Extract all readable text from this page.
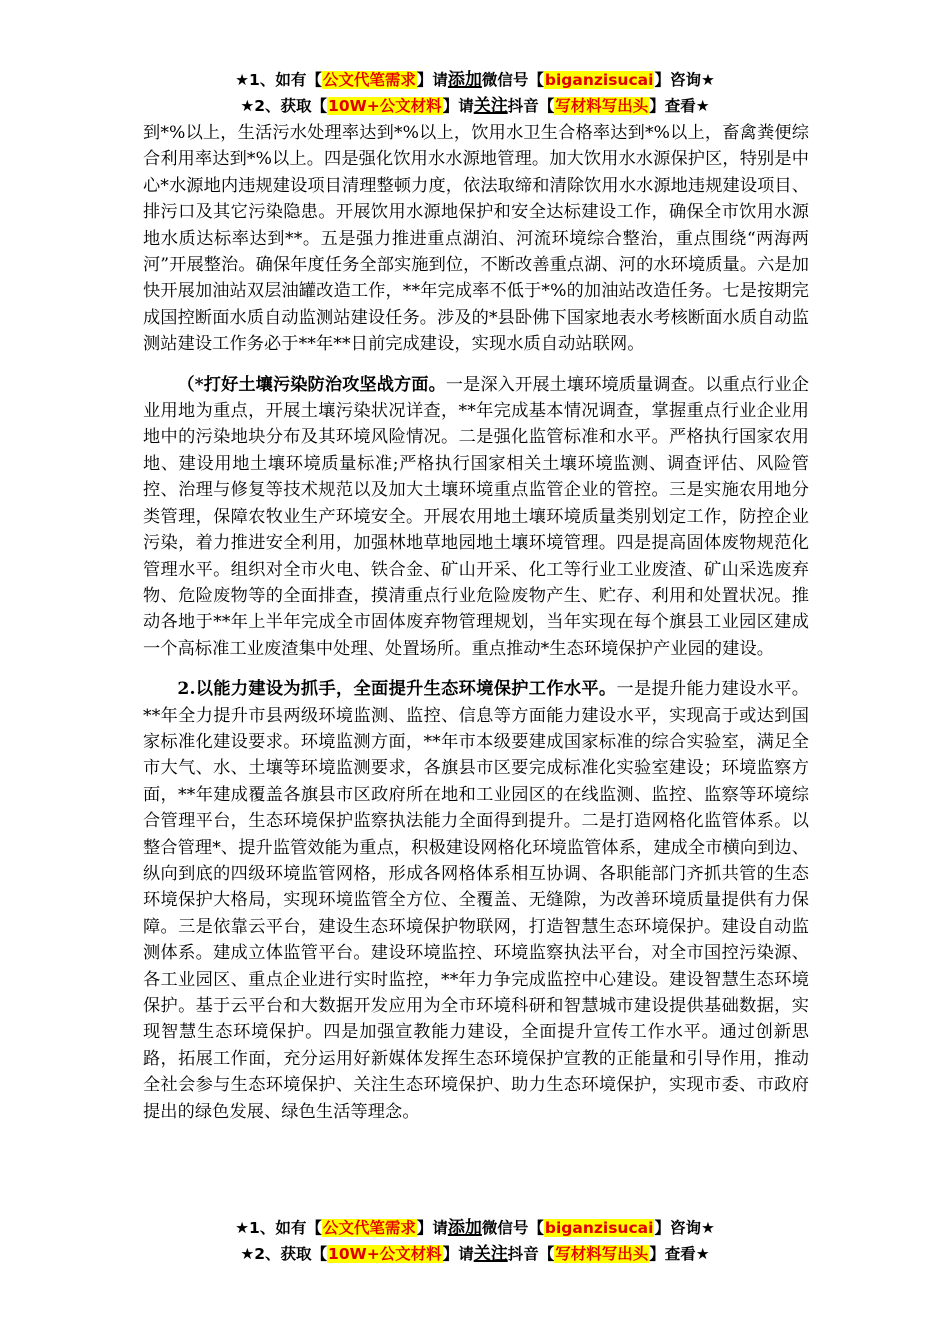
★1、如有【公文代笔需求】请添加微信号【biganzisucai】咨询★
★2、获取【10W+公文材料】请关注抖音【写材料写出头】查看★

到*%以上，生活污水处理率达到*%以上，饮用水卫生合格率达到*%以上，畜禽粪便综合利用率达到*%以上。四是强化饮用水水源地管理。加大饮用水水源保护区，特别是中心*水源地内违规建设项目清理整顿力度，依法取缔和清除饮用水水源地违规建设项目、排污口及其它污染隐患。开展饮用水源地保护和安全达标建设工作，确保全市饮用水源地水质达标率达到**。五是强力推进重点湖泊、河流环境综合整治，重点围绕“两海两河”开展整治。确保年度任务全部实施到位，不断改善重点湖、河的水环境质量。六是加快开展加油站双层油罐改造工作，**年完成率不低于*%的加油站改造任务。七是按期完成国控断面水质自动监测站建设任务。涉及的*县卧佛下国家地表水考核断面水质自动监测站建设工作务必于**年**日前完成建设，实现水质自动站联网。

（*打好土壤污染防治攻坚战方面。一是深入开展土壤环境质量调查。以重点行业企业用地为重点，开展土壤污染状况详查，**年完成基本情况调查，掌握重点行业企业用地中的污染地块分布及其环境风险情况。二是强化监管标准和水平。严格执行国家农用地、建设用地土壤环境质量标准;严格执行国家相关土壤环境监测、调查评估、风险管控、治理与修复等技术规范以及加大土壤环境重点监管企业的管控。三是实施农用地分类管理，保障农牧业生产环境安全。开展农用地土壤环境质量类别划定工作，防控企业污染，着力推进安全利用，加强林地草地园地土壤环境管理。四是提高固体废物规范化管理水平。组织对全市火电、铁合金、矿山开采、化工等行业工业废渣、矿山采选废弃物、危险废物等的全面排查，摸清重点行业危险废物产生、贮存、利用和处置状况。推动各地于**年上半年完成全市固体废弃物管理规划，当年实现在每个旗县工业园区建成一个高标准工业废渣集中处理、处置场所。重点推动*生态环境保护产业园的建设。

2.以能力建设为抓手，全面提升生态环境保护工作水平。一是提升能力建设水平。**年全力提升市县两级环境监测、监控、信息等方面能力建设水平，实现高于或达到国家标准化建设要求。环境监测方面，**年市本级要建成国家标准的综合实验室，满足全市大气、水、土壤等环境监测要求，各旗县市区要完成标准化实验室建设；环境监察方面，**年建成覆盖各旗县市区政府所在地和工业园区的在线监测、监控、监察等环境综合管理平台，生态环境保护监察执法能力全面得到提升。二是打造网格化监管体系。以整合管理*、提升监管效能为重点，积极建设网格化环境监管体系，建成全市横向到边、纵向到底的四级环境监管网格，形成各网格体系相互协调、各职能部门齐抓共管的生态环境保护大格局，实现环境监管全方位、全覆盖、无缝隙，为改善环境质量提供有力保障。三是依靠云平台，建设生态环境保护物联网，打造智慧生态环境保护。建设自动监测体系。建成立体监管平台。建设环境监控、环境监察执法平台，对全市国控污染源、各工业园区、重点企业进行实时监控，**年力争完成监控中心建设。建设智慧生态环境保护。基于云平台和大数据开发应用为全市环境科研和智慧城市建设提供基础数据，实现智慧生态环境保护。四是加强宣教能力建设，全面提升宣传工作水平。通过创新思路，拓展工作面，充分运用好新媒体发挥生态环境保护宣教的正能量和引导作用，推动全社会参与生态环境保护、关注生态环境保护、助力生态环境保护，实现市委、市政府提出的绿色发展、绿色生活等理念。

★1、如有【公文代笔需求】请添加微信号【biganzisucai】咨询★
★2、获取【10W+公文材料】请关注抖音【写材料写出头】查看★
